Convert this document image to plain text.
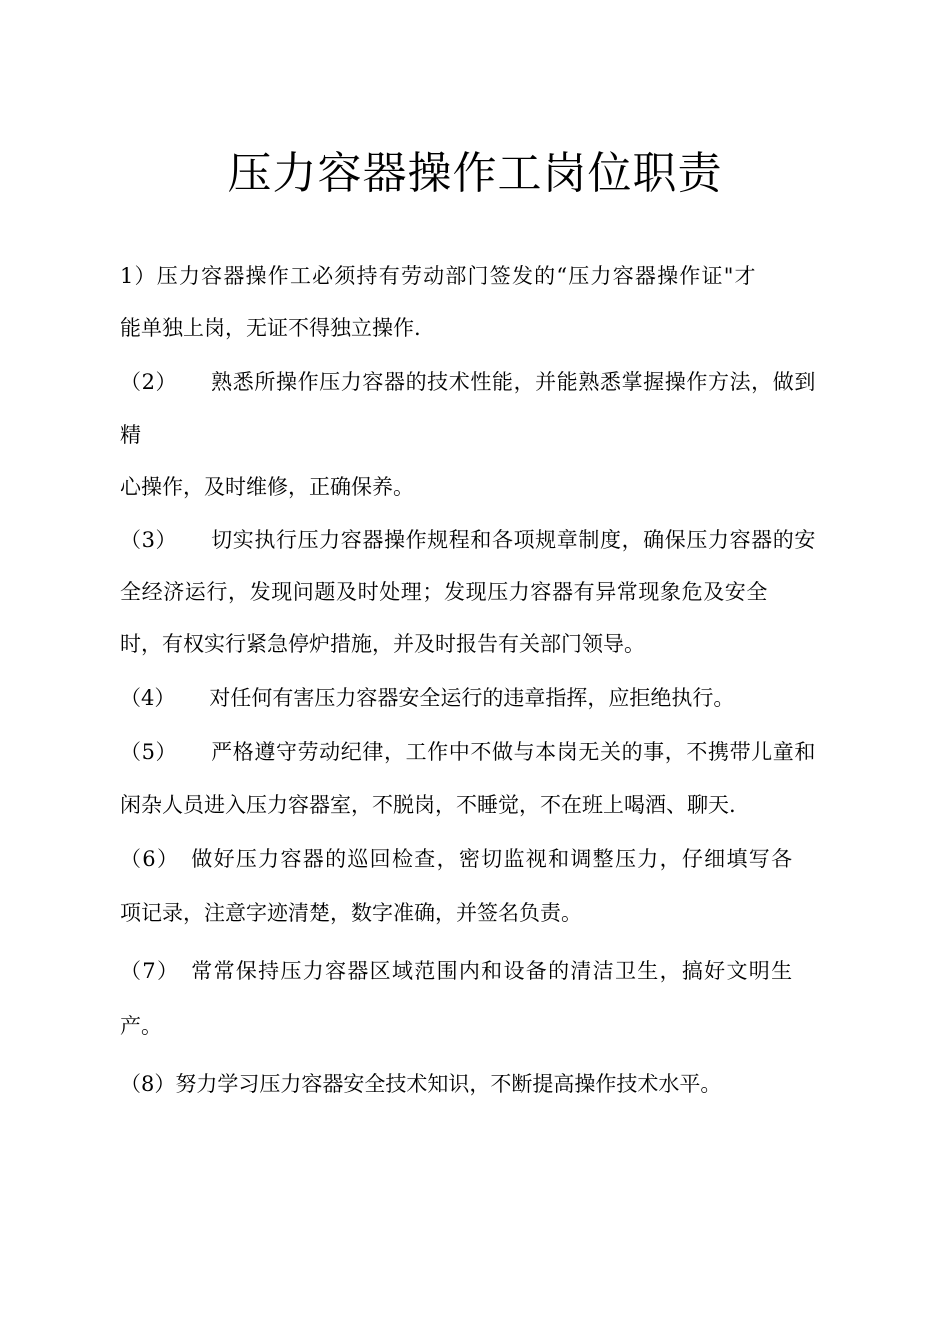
压力容器操作工岗位职责

1）压力容器操作工必须持有劳动部门签发的“压力容器操作证"才

能单独上岗，无证不得独立操作.

（2） 熟悉所操作压力容器的技术性能，并能熟悉掌握操作方法，做到

精

心操作，及时维修，正确保养。

（3） 切实执行压力容器操作规程和各项规章制度，确保压力容器的安

全经济运行，发现问题及时处理；发现压力容器有异常现象危及安全

时，有权实行紧急停炉措施，并及时报告有关部门领导。

（4） 对任何有害压力容器安全运行的违章指挥，应拒绝执行。

（5） 严格遵守劳动纪律，工作中不做与本岗无关的事，不携带儿童和

闲杂人员进入压力容器室，不脱岗，不睡觉，不在班上喝酒、聊天.

（6） 做好压力容器的巡回检查，密切监视和调整压力，仔细填写各

项记录，注意字迹清楚，数字准确，并签名负责。

（7） 常常保持压力容器区域范围内和设备的清洁卫生，搞好文明生

产。

（8）努力学习压力容器安全技术知识，不断提高操作技术水平。
